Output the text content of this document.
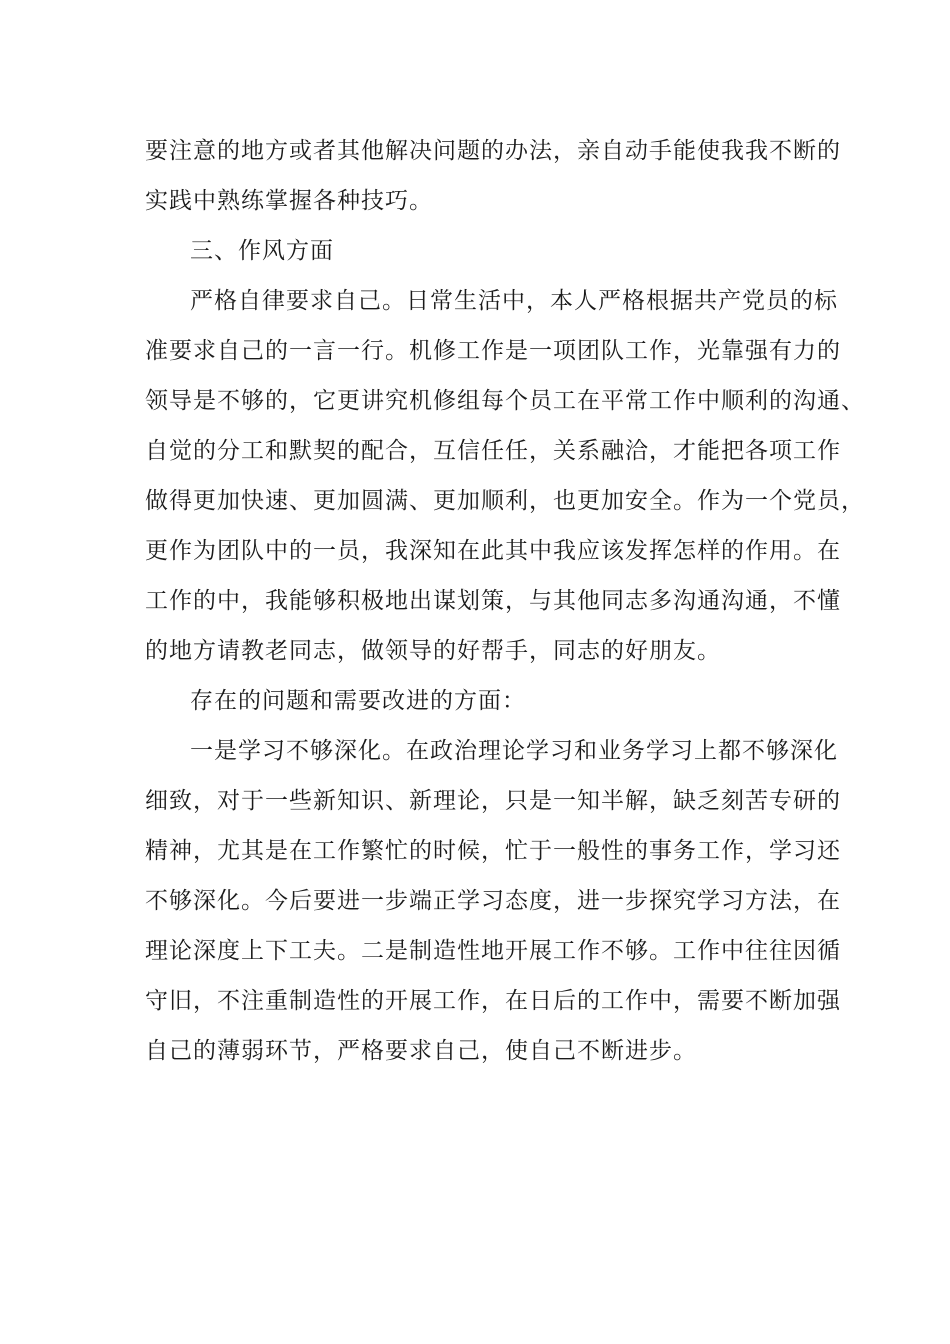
要注意的地方或者其他解决问题的办法，亲自动手能使我我不断的
实践中熟练掌握各种技巧。
三、作风方面
严格自律要求自己。日常生活中，本人严格根据共产党员的标
准要求自己的一言一行。机修工作是一项团队工作，光靠强有力的
领导是不够的，它更讲究机修组每个员工在平常工作中顺利的沟通、
自觉的分工和默契的配合，互信任任，关系融洽，才能把各项工作
做得更加快速、更加圆满、更加顺利，也更加安全。作为一个党员，
更作为团队中的一员，我深知在此其中我应该发挥怎样的作用。在
工作的中，我能够积极地出谋划策，与其他同志多沟通沟通，不懂
的地方请教老同志，做领导的好帮手，同志的好朋友。
存在的问题和需要改进的方面：
一是学习不够深化。在政治理论学习和业务学习上都不够深化
细致，对于一些新知识、新理论，只是一知半解，缺乏刻苦专研的
精神，尤其是在工作繁忙的时候，忙于一般性的事务工作，学习还
不够深化。今后要进一步端正学习态度，进一步探究学习方法，在
理论深度上下工夫。二是制造性地开展工作不够。工作中往往因循
守旧，不注重制造性的开展工作，在日后的工作中，需要不断加强
自己的薄弱环节，严格要求自己，使自己不断进步。
